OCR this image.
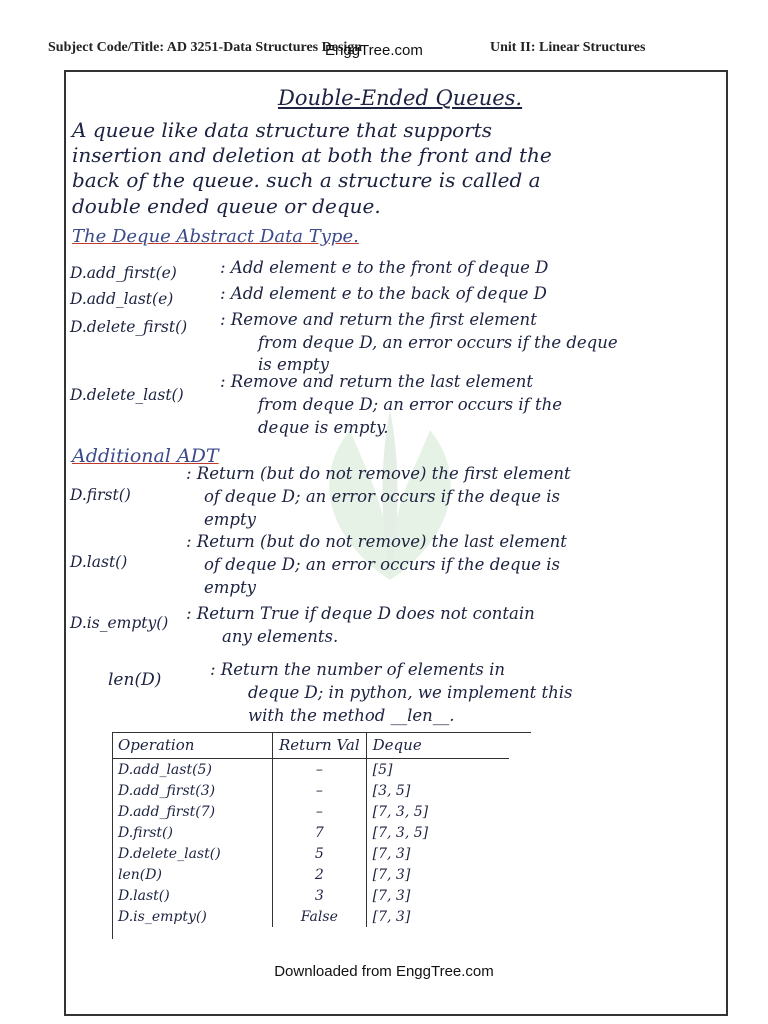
Subject Code/Title: AD 3251-Data Structures Design
EnggTree.com	Unit II: Linear Structures
Double-Ended Queues.
A queue like data structure that supports
insertion and deletion at both the front and the
back of the queue. such a structure is called a
double ended queue or deque.
The Deque Abstract Data Type.
D.add_first(e)	: Add element e to the front of deque D
D.add_last(e)	: Add element e to the back of deque D
D.delete_first() : Remove and return the first element
from deque D, an error occurs if the deque
is empty
D.delete_last()
: Remove and return the last element
from deque D; an error occurs if the
deque is empty.
Additional ADT
D.first()
: Return (but do not remove) the first element
of deque D; an error occurs if the deque is
empty
D.last()
: Return (but do not remove) the last element
of deque D; an error occurs if the deque is
empty
D.is_empty() : Return True if deque D does not contain
any elements.
len(D)
: Return the number of elements in
deque D; in python, we implement this
with the method __len__.
Operation	Return Val	Deque
D.add_last(5)	–	[5]
D.add_first(3)	–	[3, 5]
D.add_first(7)	–	[7, 3, 5]
D.first()	7	[7, 3, 5]
D.delete_last()	5	[7, 3]
len(D)	2	[7, 3]
D.last()	3	[7, 3]
D.is_empty()	False	[7, 3]
Downloaded from EnggTree.com
